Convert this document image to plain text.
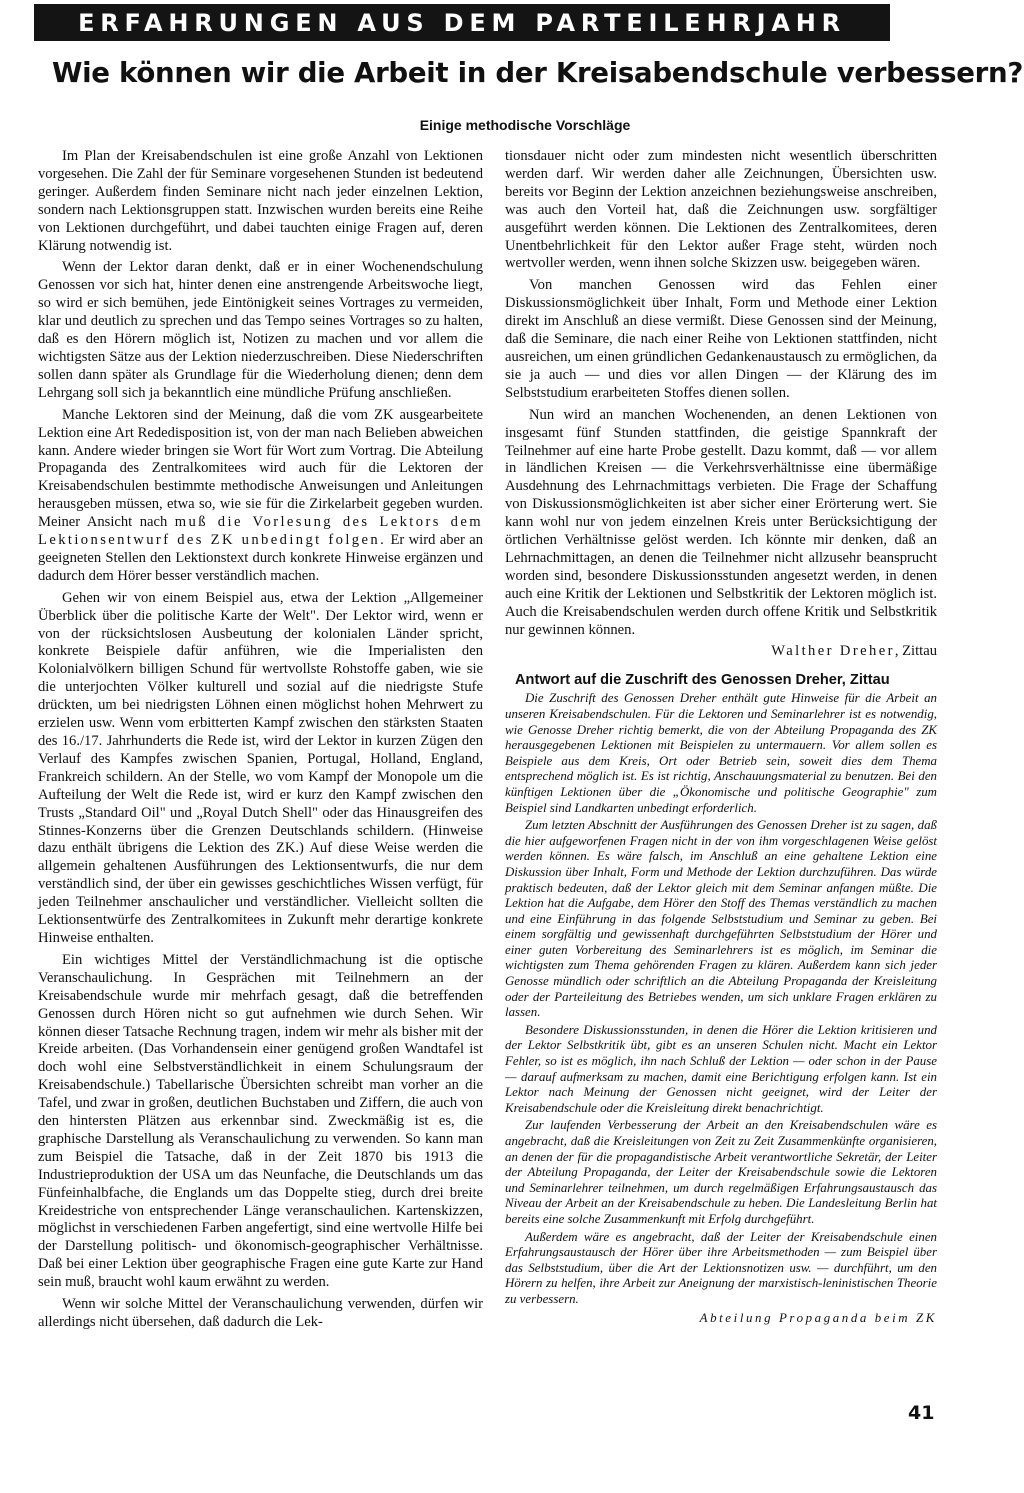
ERFAHRUNGEN AUS DEM PARTEILEHRJAHR
Wie können wir die Arbeit in der Kreisabendschule verbessern?
Einige methodische Vorschläge

Im Plan der Kreisabendschulen ist eine große Anzahl von Lektionen vorgesehen. Die Zahl der für Seminare vorgesehenen Stunden ist bedeutend geringer. Außerdem finden Seminare nicht nach jeder einzelnen Lektion, sondern nach Lektionsgruppen statt. Inzwischen wurden bereits eine Reihe von Lektionen durchgeführt, und dabei tauchten einige Fragen auf, deren Klärung notwendig ist.

Wenn der Lektor daran denkt, daß er in einer Wochenendschulung Genossen vor sich hat, hinter denen eine anstrengende Arbeitswoche liegt, so wird er sich bemühen, jede Eintönigkeit seines Vortrages zu vermeiden, klar und deutlich zu sprechen und das Tempo seines Vortrages so zu halten, daß es den Hörern möglich ist, Notizen zu machen und vor allem die wichtigsten Sätze aus der Lektion niederzuschreiben. Diese Niederschriften sollen dann später als Grundlage für die Wiederholung dienen; denn dem Lehrgang soll sich ja bekanntlich eine mündliche Prüfung anschließen.

Manche Lektoren sind der Meinung, daß die vom ZK ausgearbeitete Lektion eine Art Rededisposition ist, von der man nach Belieben abweichen kann. Andere wieder bringen sie Wort für Wort zum Vortrag. Die Abteilung Propaganda des Zentralkomitees wird auch für die Lektoren der Kreisabendschulen bestimmte methodische Anweisungen und Anleitungen herausgeben müssen, etwa so, wie sie für die Zirkelarbeit gegeben wurden. Meiner Ansicht nach muß die Vorlesung des Lektors dem Lektionsentwurf des ZK unbedingt folgen. Er wird aber an geeigneten Stellen den Lektionstext durch konkrete Hinweise ergänzen und dadurch dem Hörer besser verständlich machen.

Gehen wir von einem Beispiel aus, etwa der Lektion „Allgemeiner Überblick über die politische Karte der Welt". Der Lektor wird, wenn er von der rücksichtslosen Ausbeutung der kolonialen Länder spricht, konkrete Beispiele dafür anführen, wie die Imperialisten den Kolonialvölkern billigen Schund für wertvollste Rohstoffe gaben, wie sie die unterjochten Völker kulturell und sozial auf die niedrigste Stufe drückten, um bei niedrigsten Löhnen einen möglichst hohen Mehrwert zu erzielen usw. Wenn vom erbitterten Kampf zwischen den stärksten Staaten des 16./17. Jahrhunderts die Rede ist, wird der Lektor in kurzen Zügen den Verlauf des Kampfes zwischen Spanien, Portugal, Holland, England, Frankreich schildern. An der Stelle, wo vom Kampf der Monopole um die Aufteilung der Welt die Rede ist, wird er kurz den Kampf zwischen den Trusts „Standard Oil" und „Royal Dutch Shell" oder das Hinausgreifen des Stinnes-Konzerns über die Grenzen Deutschlands schildern. (Hinweise dazu enthält übrigens die Lektion des ZK.) Auf diese Weise werden die allgemein gehaltenen Ausführungen des Lektionsentwurfs, die nur dem verständlich sind, der über ein gewisses geschichtliches Wissen verfügt, für jeden Teilnehmer anschaulicher und verständlicher. Vielleicht sollten die Lektionsentwürfe des Zentralkomitees in Zukunft mehr derartige konkrete Hinweise enthalten.

Ein wichtiges Mittel der Verständlichmachung ist die optische Veranschaulichung. In Gesprächen mit Teilnehmern an der Kreisabendschule wurde mir mehrfach gesagt, daß die betreffenden Genossen durch Hören nicht so gut aufnehmen wie durch Sehen. Wir können dieser Tatsache Rechnung tragen, indem wir mehr als bisher mit der Kreide arbeiten. (Das Vorhandensein einer genügend großen Wandtafel ist doch wohl eine Selbstverständlichkeit in einem Schulungsraum der Kreisabendschule.) Tabellarische Übersichten schreibt man vorher an die Tafel, und zwar in großen, deutlichen Buchstaben und Ziffern, die auch von den hintersten Plätzen aus erkennbar sind. Zweckmäßig ist es, die graphische Darstellung als Veranschaulichung zu verwenden. So kann man zum Beispiel die Tatsache, daß in der Zeit 1870 bis 1913 die Industrieproduktion der USA um das Neunfache, die Deutschlands um das Fünfeinhalbfache, die Englands um das Doppelte stieg, durch drei breite Kreidestriche von entsprechender Länge veranschaulichen. Kartenskizzen, möglichst in verschiedenen Farben angefertigt, sind eine wertvolle Hilfe bei der Darstellung politisch- und ökonomisch-geographischer Verhältnisse. Daß bei einer Lektion über geographische Fragen eine gute Karte zur Hand sein muß, braucht wohl kaum erwähnt zu werden.

Wenn wir solche Mittel der Veranschaulichung verwenden, dürfen wir allerdings nicht übersehen, daß dadurch die Lek-

tionsdauer nicht oder zum mindesten nicht wesentlich überschritten werden darf. Wir werden daher alle Zeichnungen, Übersichten usw. bereits vor Beginn der Lektion anzeichnen beziehungsweise anschreiben, was auch den Vorteil hat, daß die Zeichnungen usw. sorgfältiger ausgeführt werden können. Die Lektionen des Zentralkomitees, deren Unentbehrlichkeit für den Lektor außer Frage steht, würden noch wertvoller werden, wenn ihnen solche Skizzen usw. beigegeben wären.

Von manchen Genossen wird das Fehlen einer Diskussionsmöglichkeit über Inhalt, Form und Methode einer Lektion direkt im Anschluß an diese vermißt. Diese Genossen sind der Meinung, daß die Seminare, die nach einer Reihe von Lektionen stattfinden, nicht ausreichen, um einen gründlichen Gedankenaustausch zu ermöglichen, da sie ja auch — und dies vor allen Dingen — der Klärung des im Selbststudium erarbeiteten Stoffes dienen sollen.

Nun wird an manchen Wochenenden, an denen Lektionen von insgesamt fünf Stunden stattfinden, die geistige Spannkraft der Teilnehmer auf eine harte Probe gestellt. Dazu kommt, daß — vor allem in ländlichen Kreisen — die Verkehrsverhältnisse eine übermäßige Ausdehnung des Lehrnachmittags verbieten. Die Frage der Schaffung von Diskussionsmöglichkeiten ist aber sicher einer Erörterung wert. Sie kann wohl nur von jedem einzelnen Kreis unter Berücksichtigung der örtlichen Verhältnisse gelöst werden. Ich könnte mir denken, daß an Lehrnachmittagen, an denen die Teilnehmer nicht allzusehr beansprucht worden sind, besondere Diskussionsstunden angesetzt werden, in denen auch eine Kritik der Lektionen und Selbstkritik der Lektoren möglich ist. Auch die Kreisabendschulen werden durch offene Kritik und Selbstkritik nur gewinnen können.

Walther Dreher, Zittau
Antwort auf die Zuschrift des Genossen Dreher, Zittau

Die Zuschrift des Genossen Dreher enthält gute Hinweise für die Arbeit an unseren Kreisabendschulen. Für die Lektoren und Seminarlehrer ist es notwendig, wie Genosse Dreher richtig bemerkt, die von der Abteilung Propaganda des ZK herausgegebenen Lektionen mit Beispielen zu untermauern. Vor allem sollen es Beispiele aus dem Kreis, Ort oder Betrieb sein, soweit dies dem Thema entsprechend möglich ist. Es ist richtig, Anschauungsmaterial zu benutzen. Bei den künftigen Lektionen über die „Ökonomische und politische Geographie" zum Beispiel sind Landkarten unbedingt erforderlich.

Zum letzten Abschnitt der Ausführungen des Genossen Dreher ist zu sagen, daß die hier aufgeworfenen Fragen nicht in der von ihm vorgeschlagenen Weise gelöst werden können. Es wäre falsch, im Anschluß an eine gehaltene Lektion eine Diskussion über Inhalt, Form und Methode der Lektion durchzuführen. Das würde praktisch bedeuten, daß der Lektor gleich mit dem Seminar anfangen müßte. Die Lektion hat die Aufgabe, dem Hörer den Stoff des Themas verständlich zu machen und eine Einführung in das folgende Selbststudium und Seminar zu geben. Bei einem sorgfältig und gewissenhaft durchgeführten Selbststudium der Hörer und einer guten Vorbereitung des Seminarlehrers ist es möglich, im Seminar die wichtigsten zum Thema gehörenden Fragen zu klären. Außerdem kann sich jeder Genosse mündlich oder schriftlich an die Abteilung Propaganda der Kreisleitung oder der Parteileitung des Betriebes wenden, um sich unklare Fragen erklären zu lassen.

Besondere Diskussionsstunden, in denen die Hörer die Lektion kritisieren und der Lektor Selbstkritik übt, gibt es an unseren Schulen nicht. Macht ein Lektor Fehler, so ist es möglich, ihn nach Schluß der Lektion — oder schon in der Pause — darauf aufmerksam zu machen, damit eine Berichtigung erfolgen kann. Ist ein Lektor nach Meinung der Genossen nicht geeignet, wird der Leiter der Kreisabendschule oder die Kreisleitung direkt benachrichtigt.

Zur laufenden Verbesserung der Arbeit an den Kreisabendschulen wäre es angebracht, daß die Kreisleitungen von Zeit zu Zeit Zusammenkünfte organisieren, an denen der für die propagandistische Arbeit verantwortliche Sekretär, der Leiter der Abteilung Propaganda, der Leiter der Kreisabendschule sowie die Lektoren und Seminarlehrer teilnehmen, um durch regelmäßigen Erfahrungsaustausch das Niveau der Arbeit an der Kreisabendschule zu heben. Die Landesleitung Berlin hat bereits eine solche Zusammenkunft mit Erfolg durchgeführt.

Außerdem wäre es angebracht, daß der Leiter der Kreisabendschule einen Erfahrungsaustausch der Hörer über ihre Arbeitsmethoden — zum Beispiel über das Selbststudium, über die Art der Lektionsnotizen usw. — durchführt, um den Hörern zu helfen, ihre Arbeit zur Aneignung der marxistisch-leninistischen Theorie zu verbessern.

Abteilung Propaganda beim ZK

41
